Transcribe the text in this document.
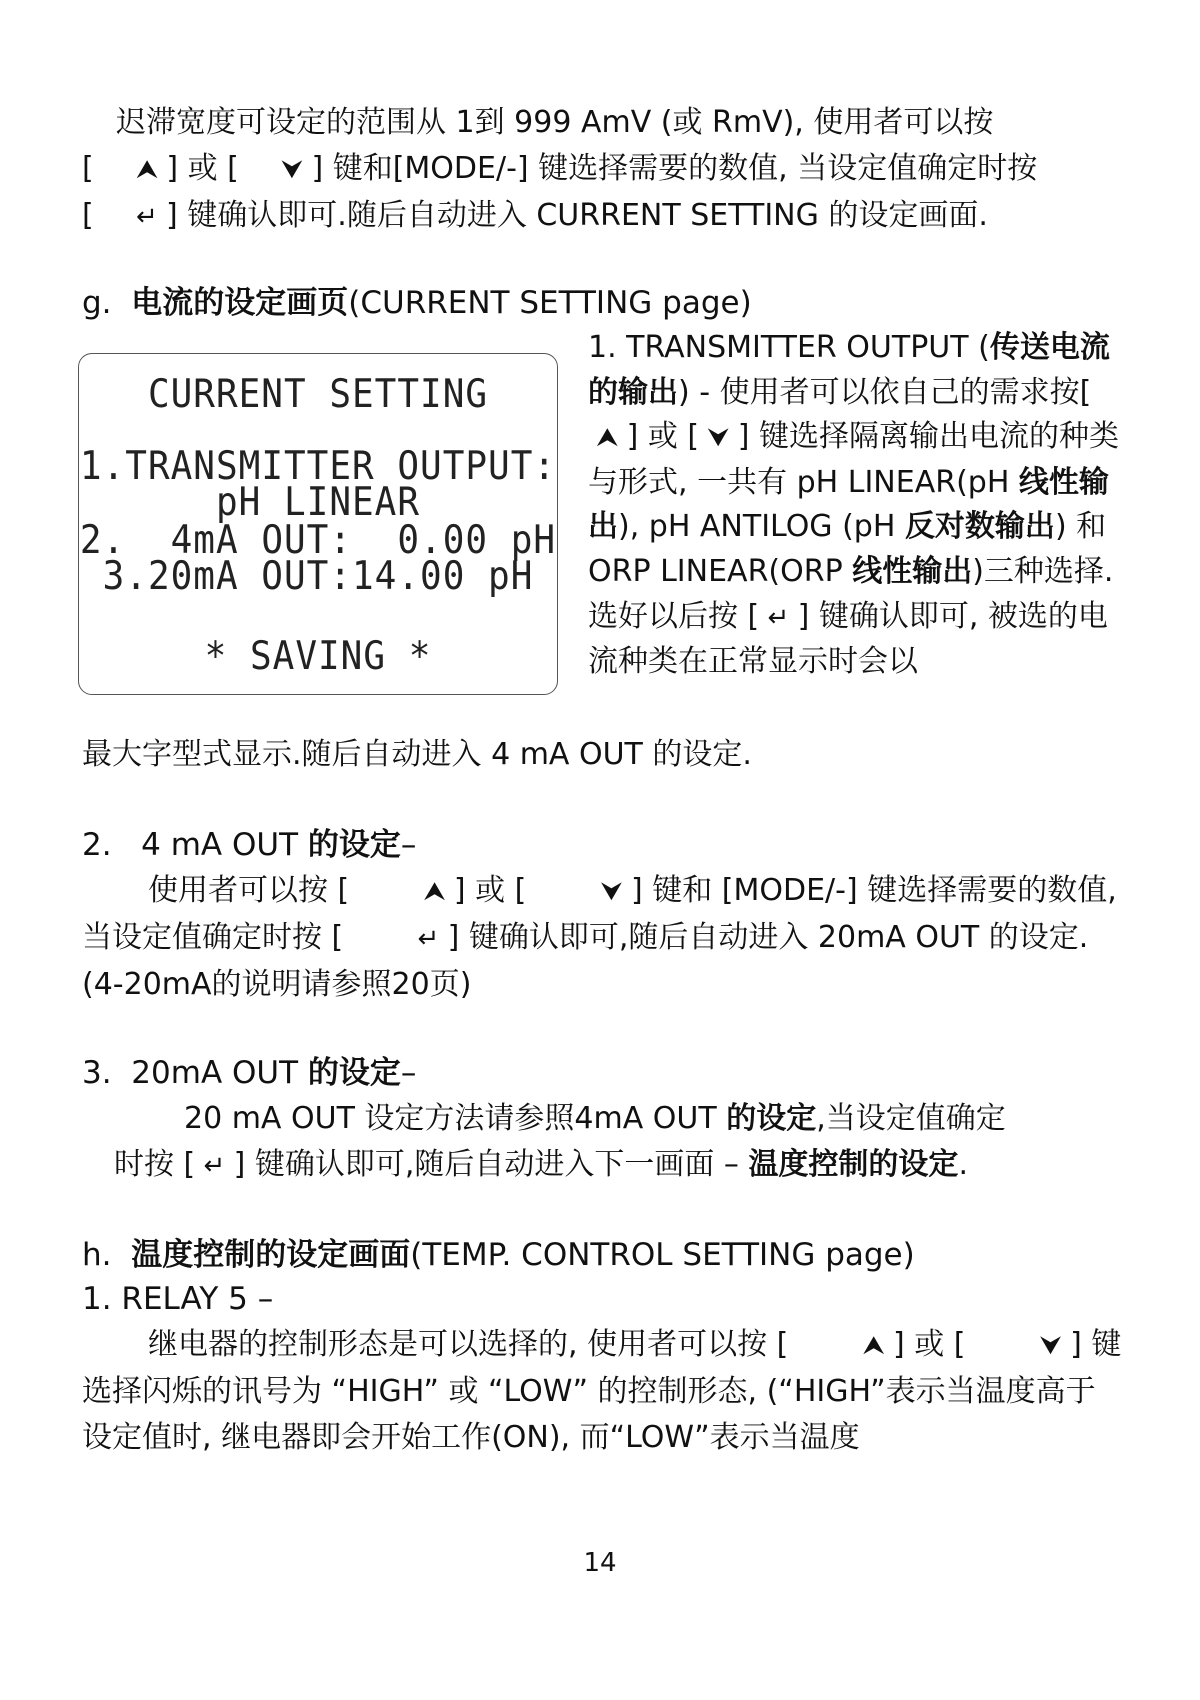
迟滞宽度可设定的范围从 1到 999 AmV (或 RmV), 使用者可以按
[ ⮝ ] 或 [ ⮟ ] 键和[MODE/-] 键选择需要的数值, 当设定值确定时按
[ ↵ ] 键确认即可.随后自动进入 CURRENT SETTING 的设定画面.

g. 电流的设定画页(CURRENT SETTING page)
CURRENT SETTING
1.TRANSMITTER OUTPUT:
pH LINEAR
2.  4mA OUT:  0.00 pH
3.20mA OUT:14.00 pH
* SAVING *

1. TRANSMITTER OUTPUT (传送电流的输出) - 使用者可以依自己的需求按[ ⮝ ] 或 [ ⮟ ] 键选择隔离输出电流的种类与形式, 一共有 pH LINEAR(pH 线性输出), pH ANTILOG (pH 反对数输出) 和 ORP LINEAR(ORP 线性输出)三种选择. 选好以后按 [ ↵ ] 键确认即可, 被选的电流种类在正常显示时会以

最大字型式显示.随后自动进入 4 mA OUT 的设定.

2. 4 mA OUT 的设定–

使用者可以按 [	⮝ ] 或 [	⮟ ] 键和 [MODE/-] 键选择需要的数值, 当设定值确定时按 [	↵ ] 键确认即可,随后自动进入 20mA OUT 的设定. (4-20mA的说明请参照20页)

3. 20mA OUT 的设定–

20 mA OUT 设定方法请参照4mA OUT 的设定,当设定值确定
时按 [ ↵ ] 键确认即可,随后自动进入下一画面 – 温度控制的设定.

h. 温度控制的设定画面(TEMP. CONTROL SETTING page)
1. RELAY 5 –

继电器的控制形态是可以选择的, 使用者可以按 [	⮝ ] 或 [	⮟ ] 键选择闪烁的讯号为 “HIGH” 或 “LOW” 的控制形态, (“HIGH”表示当温度高于设定值时, 继电器即会开始工作(ON), 而“LOW”表示当温度

14
